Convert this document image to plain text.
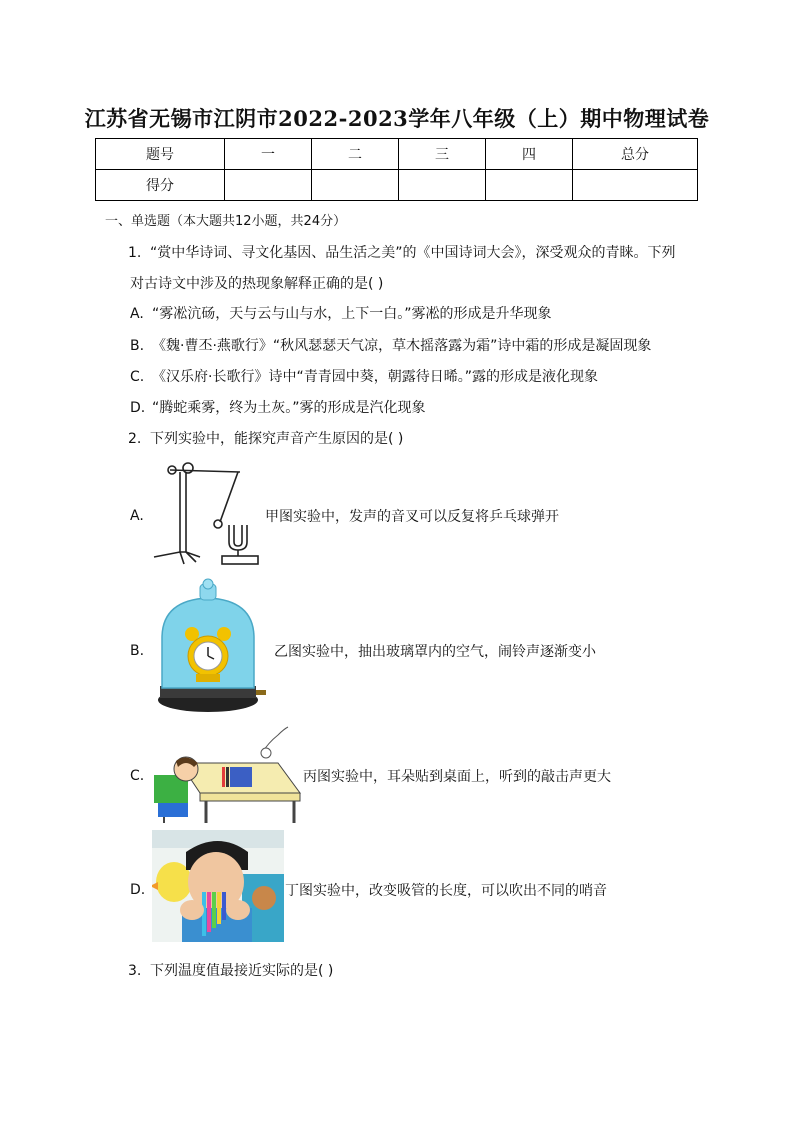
江苏省无锡市江阴市2022-2023学年八年级（上）期中物理试卷
题号	一	二	三	四	总分
得分					
一、单选题（本大题共12小题，共24分）
1. “赏中华诗词、寻文化基因、品生活之美”的《中国诗词大会》，深受观众的青睐。下列
对古诗文中涉及的热现象解释正确的是( )
A. “雾凇沆砀，天与云与山与水，上下一白。”雾凇的形成是升华现象
B. 《魏·曹丕·燕歌行》“秋风瑟瑟天气凉，草木摇落露为霜”诗中霜的形成是凝固现象
C. 《汉乐府·长歌行》诗中“青青园中葵，朝露待日晞。”露的形成是液化现象
D. “腾蛇乘雾，终为土灰。”雾的形成是汽化现象
2. 下列实验中，能探究声音产生原因的是( )
A.	甲图实验中，发声的音叉可以反复将乒乓球弹开
B.	乙图实验中，抽出玻璃罩内的空气，闹铃声逐渐变小
C.	丙图实验中，耳朵贴到桌面上，听到的敲击声更大
D.	丁图实验中，改变吸管的长度，可以吹出不同的哨音
3. 下列温度值最接近实际的是( )
